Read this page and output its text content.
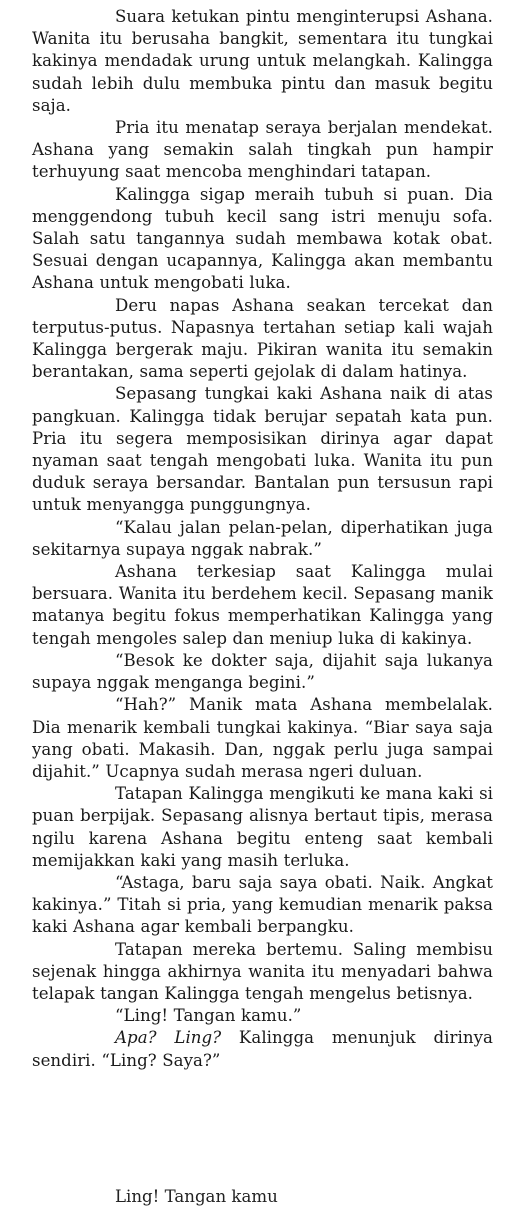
Suara ketukan pintu menginterupsi Ashana. Wanita itu berusaha bangkit, sementara itu tungkai kakinya mendadak urung untuk melangkah. Kalingga sudah lebih dulu membuka pintu dan masuk begitu saja.

Pria itu menatap seraya berjalan mendekat. Ashana yang semakin salah tingkah pun hampir terhuyung saat mencoba menghindari tatapan.

Kalingga sigap meraih tubuh si puan. Dia menggendong tubuh kecil sang istri menuju sofa. Salah satu tangannya sudah membawa kotak obat. Sesuai dengan ucapannya, Kalingga akan membantu Ashana untuk mengobati luka.

Deru napas Ashana seakan tercekat dan terputus-putus. Napasnya tertahan setiap kali wajah Kalingga bergerak maju. Pikiran wanita itu semakin berantakan, sama seperti gejolak di dalam hatinya.

Sepasang tungkai kaki Ashana naik di atas pangkuan. Kalingga tidak berujar sepatah kata pun. Pria itu segera memposisikan dirinya agar dapat nyaman saat tengah mengobati luka. Wanita itu pun duduk seraya bersandar. Bantalan pun tersusun rapi untuk menyangga punggungnya.

“Kalau jalan pelan-pelan, diperhatikan juga sekitarnya supaya nggak nabrak.”

Ashana terkesiap saat Kalingga mulai bersuara. Wanita itu berdehem kecil. Sepasang manik matanya begitu fokus memperhatikan Kalingga yang tengah mengoles salep dan meniup luka di kakinya.

“Besok ke dokter saja, dijahit saja lukanya supaya nggak menganga begini.”

“Hah?” Manik mata Ashana membelalak. Dia menarik kembali tungkai kakinya. “Biar saya saja yang obati. Makasih. Dan, nggak perlu juga sampai dijahit.” Ucapnya sudah merasa ngeri duluan.

Tatapan Kalingga mengikuti ke mana kaki si puan berpijak. Sepasang alisnya bertaut tipis, merasa ngilu karena Ashana begitu enteng saat kembali memijakkan kaki yang masih terluka.

“Astaga, baru saja saya obati. Naik. Angkat kakinya.” Titah si pria, yang kemudian menarik paksa kaki Ashana agar kembali berpangku.

Tatapan mereka bertemu. Saling membisu sejenak hingga akhirnya wanita itu menyadari bahwa telapak tangan Kalingga tengah mengelus betisnya.

“Ling! Tangan kamu.”

Apa? Ling? Kalingga menunjuk dirinya sendiri. “Ling? Saya?”

Ling! Tangan kamu
